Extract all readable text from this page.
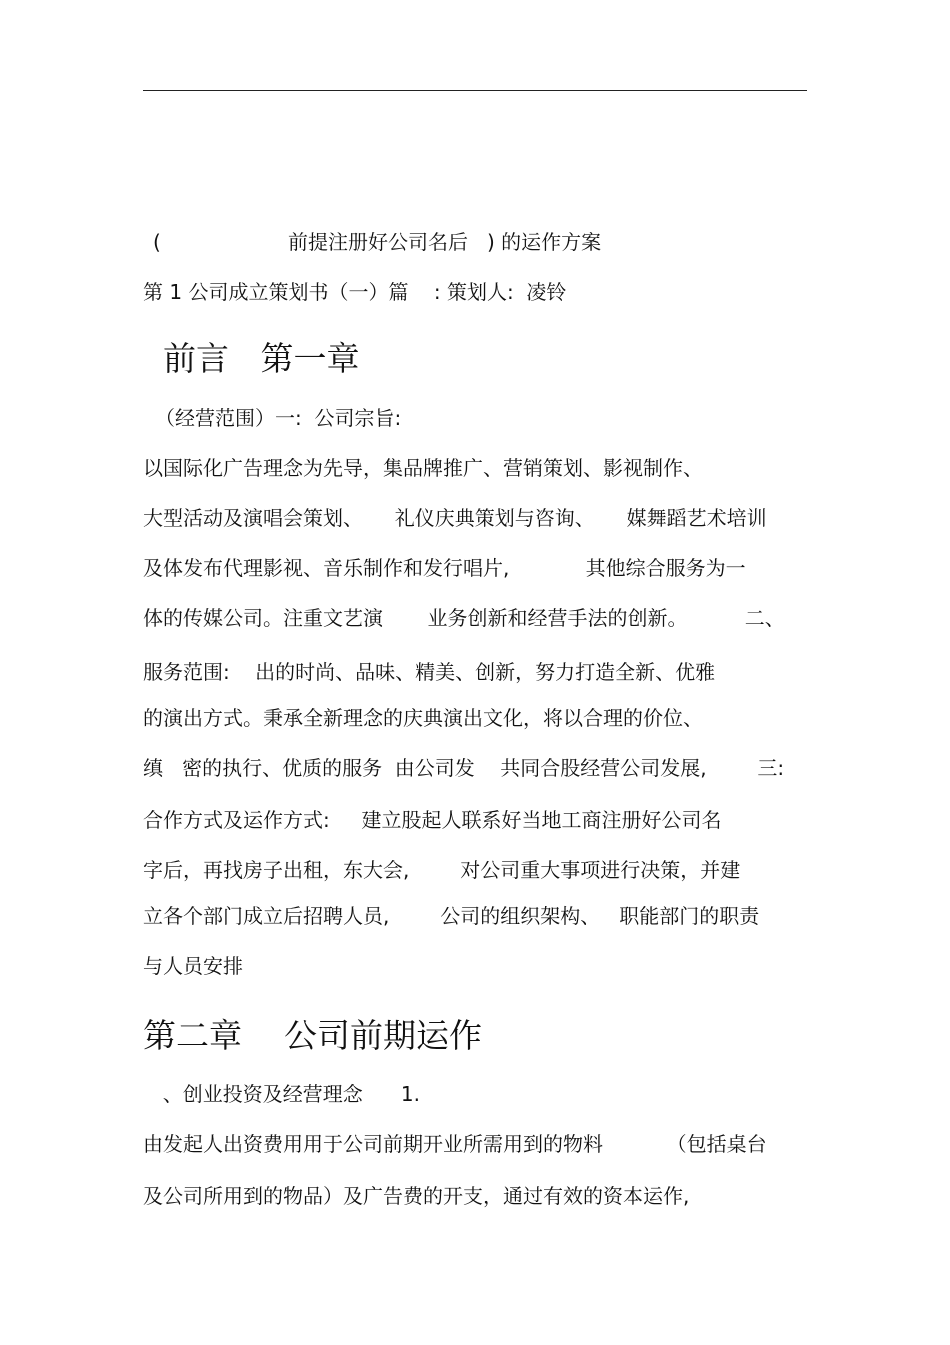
(                    前提注册好公司名后   ) 的运作方案
第 1 公司成立策划书（一）篇    : 策划人:  凌铃
前言   第一章
（经营范围）一:  公司宗旨:
以国际化广告理念为先导，集品牌推广、营销策划、影视制作、
大型活动及演唱会策划、     礼仪庆典策划与咨询、     媒舞蹈艺术培训
及体发布代理影视、音乐制作和发行唱片,            其他综合服务为一
体的传媒公司。注重文艺演       业务创新和经营手法的创新。         二、
服务范围:    出的时尚、品味、精美、创新，努力打造全新、优雅
的演出方式。秉承全新理念的庆典演出文化，将以合理的价位、
缜   密的执行、优质的服务  由公司发    共同合股经营公司发展,        三:
合作方式及运作方式:     建立股起人联系好当地工商注册好公司名
字后，再找房子出租，东大会,        对公司重大事项进行决策，并建
立各个部门成立后招聘人员,        公司的组织架构、   职能部门的职责
与人员安排
第二章    公司前期运作
、创业投资及经营理念      1.
由发起人出资费用用于公司前期开业所需用到的物料          （包括桌台
及公司所用到的物品）及广告费的开支，通过有效的资本运作,
